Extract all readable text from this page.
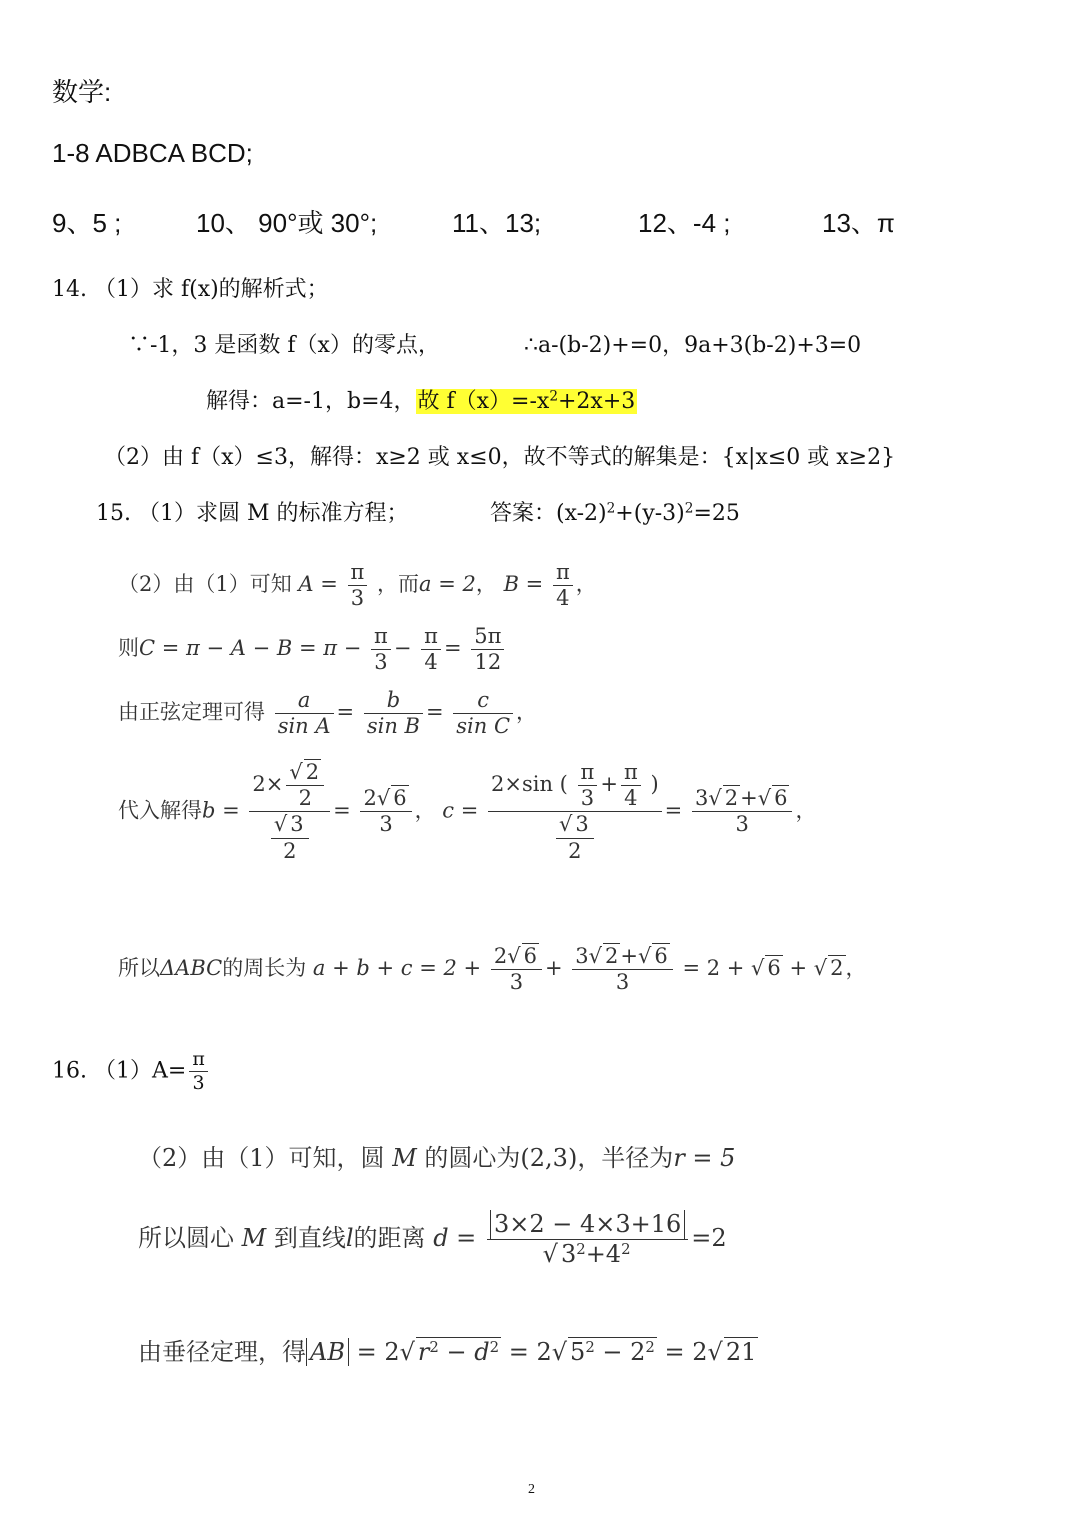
数学:
1-8 ADBCA BCD;
9、5 ;	10、 90°或 30°;	11、13;	12、-4 ;	13、π
14. （1）求 f(x)的解析式；
∵-1，3 是函数 f（x）的零点，	∴a-(b-2)+=0，9a+3(b-2)+3=0
解得：a=-1，b=4，故 $f(x)=-x^2+2x+3$
（2）由 f（x）≤3，解得：x≥2 或 x≤0，故不等式的解集是：{x|x≤0 或 x≥2}
15. （1）求圆 M 的标准方程；	答案：$(x-2)^2+(y-3)^2=25$
（2）由（1）可知 $A = \frac{\pi}{3}$ ，而a = 2， $B = \frac{\pi}{4}$ ，
则$C = \pi - A - B = \pi - \frac{\pi}{3} - \frac{\pi}{4} = \frac{5\pi}{12}$
由正弦定理可得 $\frac{a}{\text{sin A}} = \frac{b}{\text{sin B}} = \frac{c}{\text{sin C}}$ ，
代入解得$b = \frac{2\times \frac{√ 2}{2}}{\frac{√ 3}{2}} = \frac{2√ 6}{3}$ ， $c = \frac{2\times\sin ( \frac{\pi}{3} + \frac{\pi}{4} )}{\frac{√ 3}{2}} = \frac{3√ 2+√ 6}{3}$ ，
所以ΔABC的周长为 $a + b + c = 2 + \frac{2√ 6}{3} + \frac{3√ 2+√ 6}{3} = 2$ + √ 6 + √ 2，
16. $(1)A= \frac{\pi}{3}$
（2）由（1）可知，圆 M 的圆心为(2,3)，半径为r = 5
所以圆心 M 到直线l的距离 $d = \frac{3\times 2 - 4\times 3+16}{√ 3^2+4^2} =2$
由垂径定理，得 AB = 2√ $r^2 - d^2 = 2√$ $5^2 - 2^2 = 2√$ 21
2
